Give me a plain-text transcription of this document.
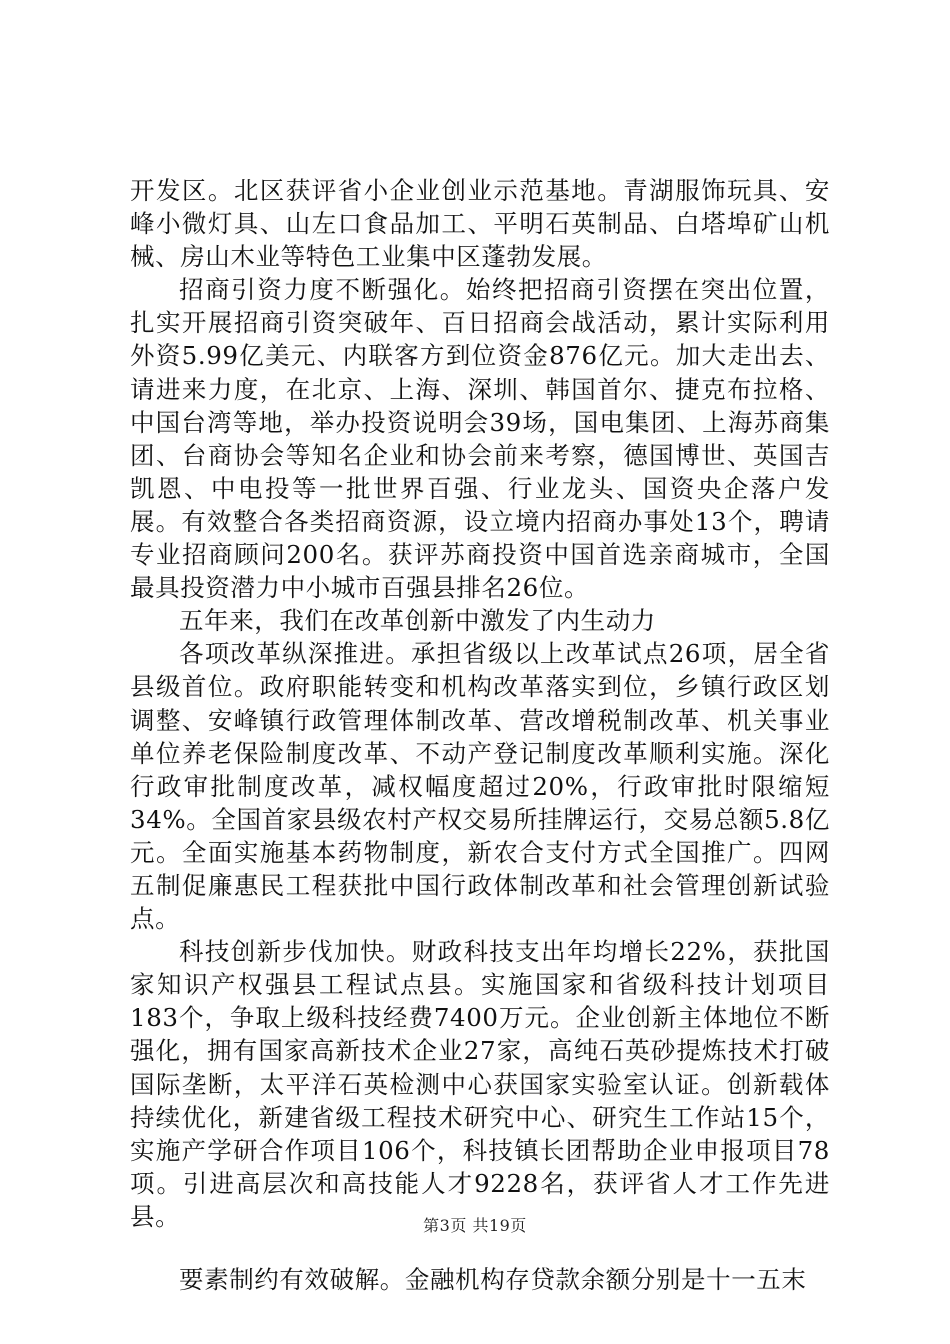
开发区。北区获评省小企业创业示范基地。青湖服饰玩具、安峰小微灯具、山左口食品加工、平明石英制品、白塔埠矿山机械、房山木业等特色工业集中区蓬勃发展。

招商引资力度不断强化。始终把招商引资摆在突出位置，扎实开展招商引资突破年、百日招商会战活动，累计实际利用外资5.99亿美元、内联客方到位资金876亿元。加大走出去、请进来力度，在北京、上海、深圳、韩国首尔、捷克布拉格、中国台湾等地，举办投资说明会39场，国电集团、上海苏商集团、台商协会等知名企业和协会前来考察，德国博世、英国吉凯恩、中电投等一批世界百强、行业龙头、国资央企落户发展。有效整合各类招商资源，设立境内招商办事处13个，聘请专业招商顾问200名。获评苏商投资中国首选亲商城市，全国最具投资潜力中小城市百强县排名26位。

五年来，我们在改革创新中激发了内生动力

各项改革纵深推进。承担省级以上改革试点26项，居全省县级首位。政府职能转变和机构改革落实到位，乡镇行政区划调整、安峰镇行政管理体制改革、营改增税制改革、机关事业单位养老保险制度改革、不动产登记制度改革顺利实施。深化行政审批制度改革，减权幅度超过20%，行政审批时限缩短34%。全国首家县级农村产权交易所挂牌运行，交易总额5.8亿元。全面实施基本药物制度，新农合支付方式全国推广。四网五制促廉惠民工程获批中国行政体制改革和社会管理创新试验点。

科技创新步伐加快。财政科技支出年均增长22%，获批国家知识产权强县工程试点县。实施国家和省级科技计划项目183个，争取上级科技经费7400万元。企业创新主体地位不断强化，拥有国家高新技术企业27家，高纯石英砂提炼技术打破国际垄断，太平洋石英检测中心获国家实验室认证。创新载体持续优化，新建省级工程技术研究中心、研究生工作站15个，实施产学研合作项目106个，科技镇长团帮助企业申报项目78项。引进高层次和高技能人才9228名，获评省人才工作先进县。

要素制约有效破解。金融机构存贷款余额分别是十一五末

第3页 共19页
